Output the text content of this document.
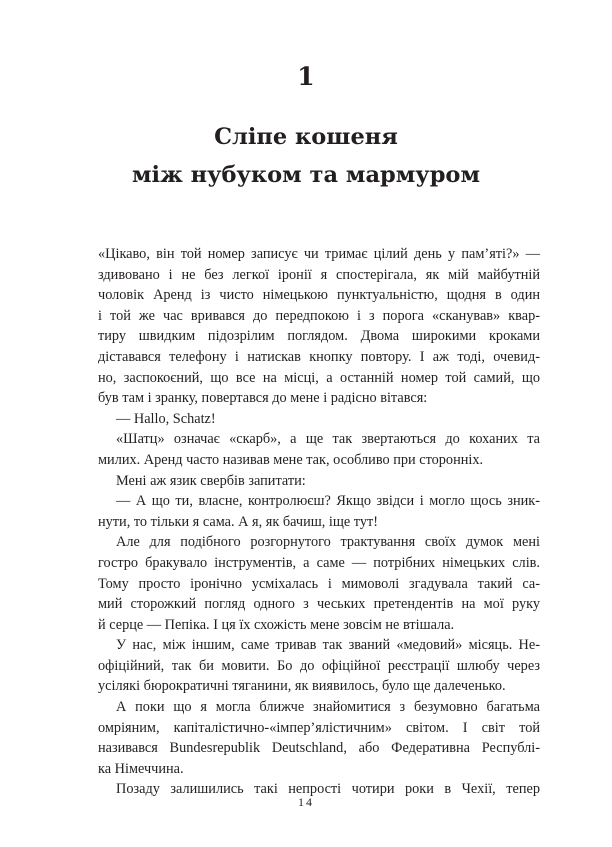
1
Сліпе кошеня
між нубуком та мармуром
«Цікаво, він той номер записує чи тримає цілий день у пам’яті?» —
здивовано і не без легкої іронії я спостерігала, як мій майбутній
чоловік Аренд із чисто німецькою пунктуальністю, щодня в один
і той же час вривався до передпокою і з порога «сканував» квар-
тиру швидким підозрілим поглядом. Двома широкими кроками
діставався телефону і натискав кнопку повтору. І аж тоді, очевид-
но, заспокоєний, що все на місці, а останній номер той самий, що
був там і зранку, повертався до мене і радісно вітався:
— Hallo, Schatz!
«Шатц» означає «скарб», а ще так звертаються до коханих та
милих. Аренд часто називав мене так, особливо при сторонніх.
Мені аж язик свербів запитати:
— А що ти, власне, контролюєш? Якщо звідси і могло щось зник-
нути, то тільки я сама. А я, як бачиш, іще тут!
Але для подібного розгорнутого трактування своїх думок мені
гостро бракувало інструментів, а саме — потрібних німецьких слів.
Тому просто іронічно усміхалась і мимоволі згадувала такий са-
мий сторожкий погляд одного з чеських претендентів на мої руку
й серце — Пепіка. І ця їх схожість мене зовсім не втішала.
У нас, між іншим, саме тривав так званий «медовий» місяць. Не-
офіційний, так би мовити. Бо до офіційної реєстрації шлюбу через
усілякі бюрократичні тяганини, як виявилось, було ще далеченько.
А поки що я могла ближче знайомитися з безумовно багатьма
омріяним, капіталістично-«імпер’ялістичним» світом. І світ той
називався Bundesrepublik Deutschland, або Федеративна Республі-
ка Німеччина.
Позаду залишились такі непрості чотири роки в Чехії, тепер
14
